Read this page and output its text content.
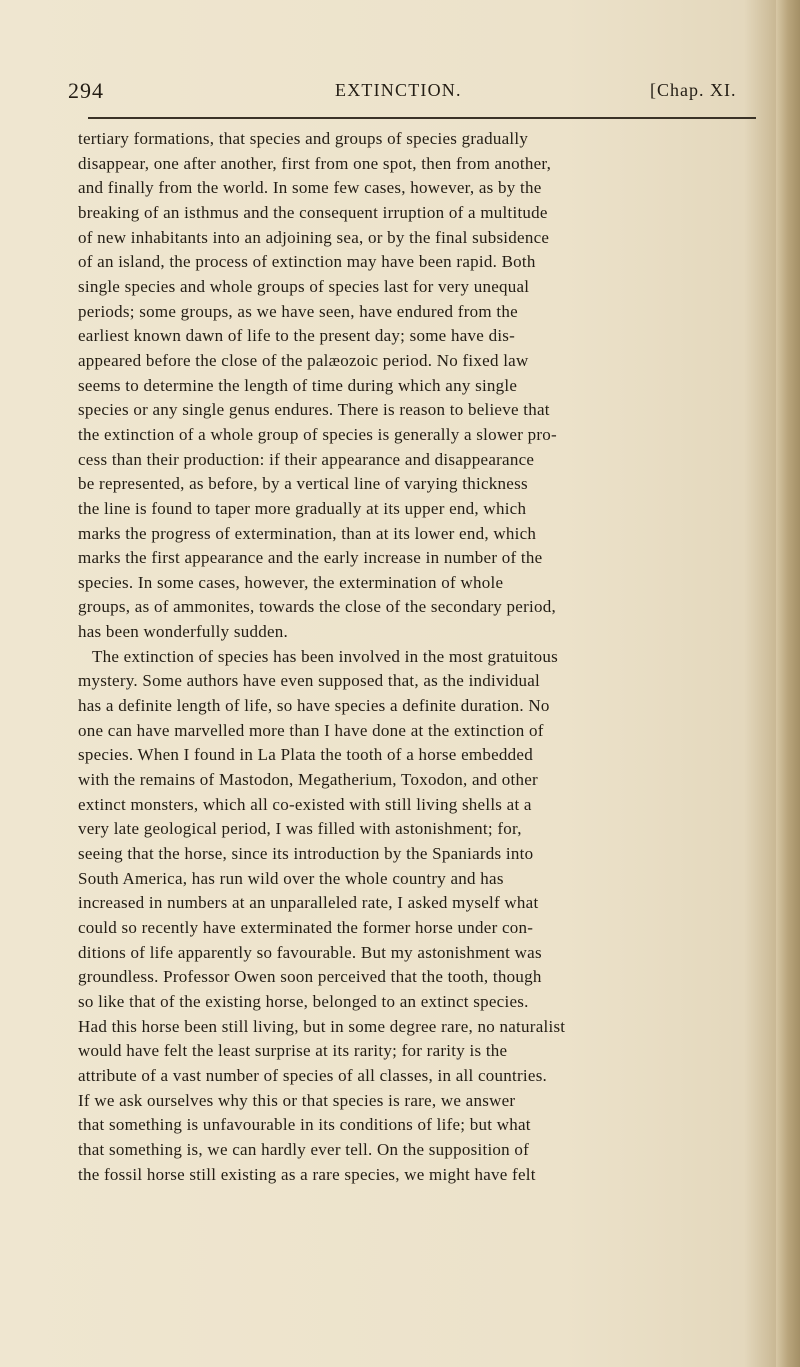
294	EXTINCTION.	[Chap. XI.
tertiary formations, that species and groups of species gradually
disappear, one after another, first from one spot, then from another,
and finally from the world. In some few cases, however, as by the
breaking of an isthmus and the consequent irruption of a multitude
of new inhabitants into an adjoining sea, or by the final subsidence
of an island, the process of extinction may have been rapid. Both
single species and whole groups of species last for very unequal
periods; some groups, as we have seen, have endured from the
earliest known dawn of life to the present day; some have dis-
appeared before the close of the palæozoic period. No fixed law
seems to determine the length of time during which any single
species or any single genus endures. There is reason to believe that
the extinction of a whole group of species is generally a slower pro-
cess than their production: if their appearance and disappearance
be represented, as before, by a vertical line of varying thickness
the line is found to taper more gradually at its upper end, which
marks the progress of extermination, than at its lower end, which
marks the first appearance and the early increase in number of the
species. In some cases, however, the extermination of whole
groups, as of ammonites, towards the close of the secondary period,
has been wonderfully sudden.
The extinction of species has been involved in the most gratuitous
mystery. Some authors have even supposed that, as the individual
has a definite length of life, so have species a definite duration. No
one can have marvelled more than I have done at the extinction of
species. When I found in La Plata the tooth of a horse embedded
with the remains of Mastodon, Megatherium, Toxodon, and other
extinct monsters, which all co-existed with still living shells at a
very late geological period, I was filled with astonishment; for,
seeing that the horse, since its introduction by the Spaniards into
South America, has run wild over the whole country and has
increased in numbers at an unparalleled rate, I asked myself what
could so recently have exterminated the former horse under con-
ditions of life apparently so favourable. But my astonishment was
groundless. Professor Owen soon perceived that the tooth, though
so like that of the existing horse, belonged to an extinct species.
Had this horse been still living, but in some degree rare, no naturalist
would have felt the least surprise at its rarity; for rarity is the
attribute of a vast number of species of all classes, in all countries.
If we ask ourselves why this or that species is rare, we answer
that something is unfavourable in its conditions of life; but what
that something is, we can hardly ever tell. On the supposition of
the fossil horse still existing as a rare species, we might have felt
